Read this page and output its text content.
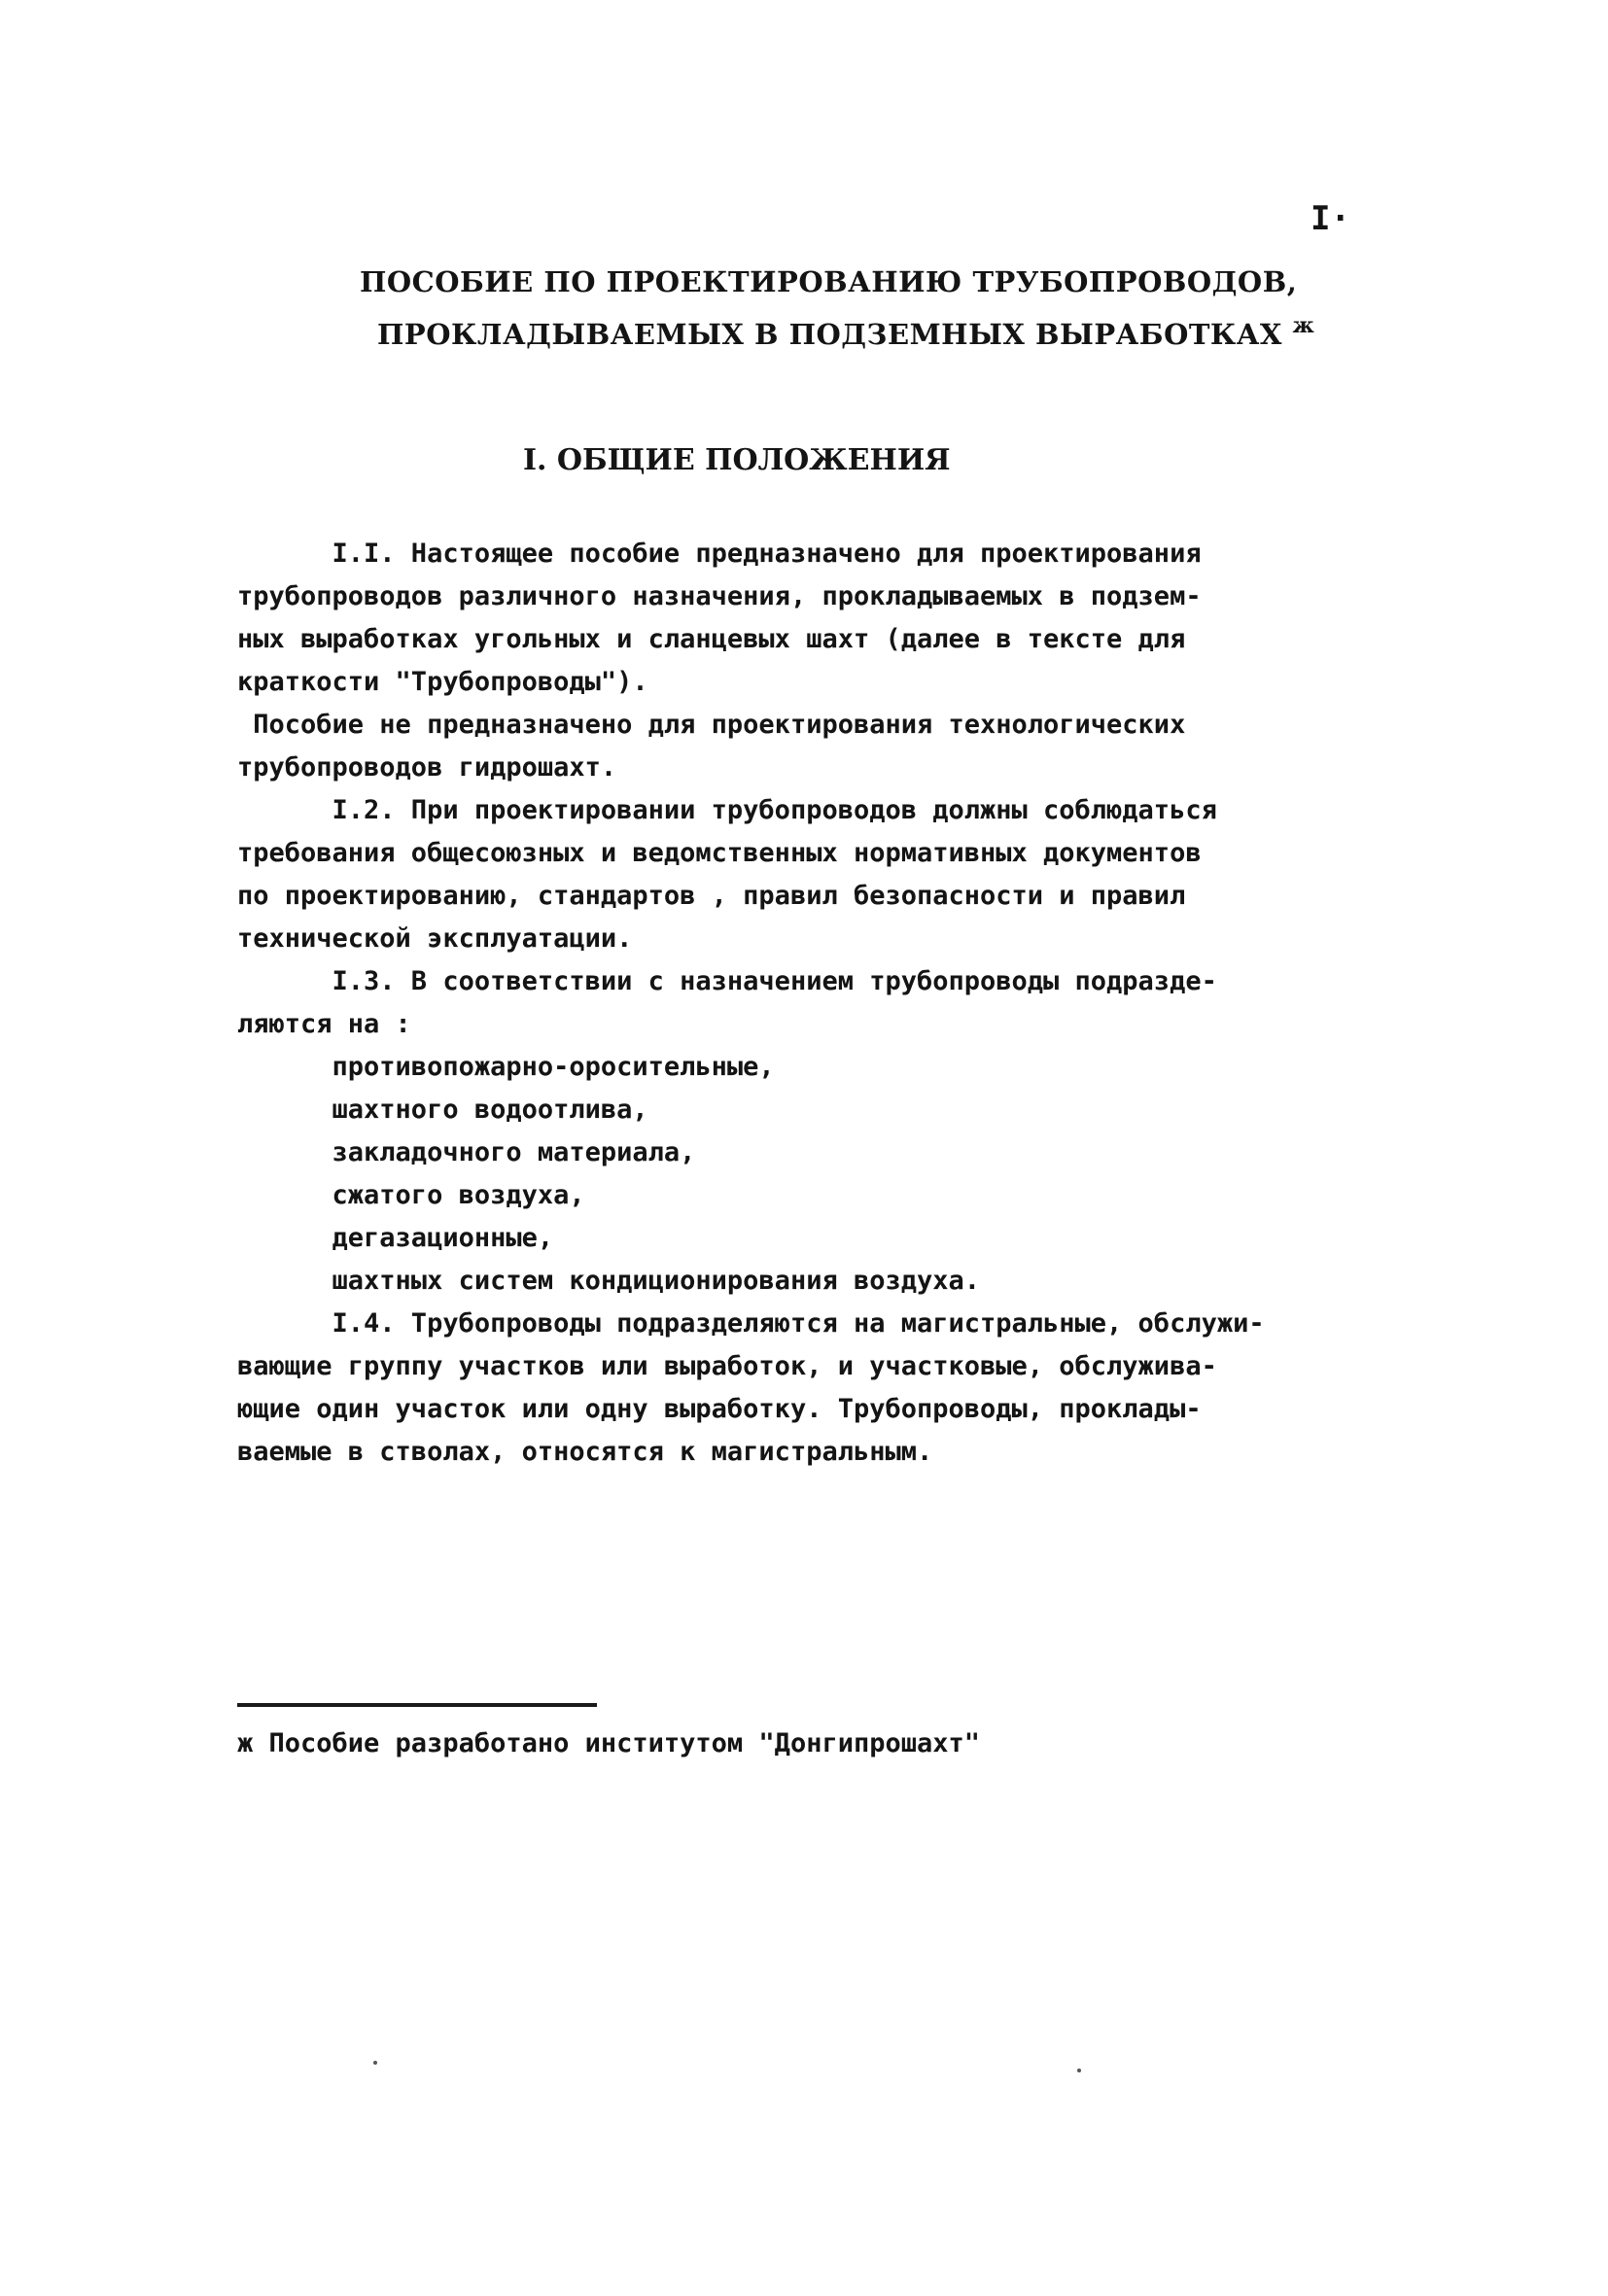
I·
ПОСОБИЕ ПО ПРОЕКТИРОВАНИЮ ТРУБОПРОВОДОВ,
ПРОКЛАДЫВАЕМЫХ В ПОДЗЕМНЫХ ВЫРАБОТКАХ $^ж$
I. ОБЩИЕ ПОЛОЖЕНИЯ
I.I. Настоящее пособие предназначено для проектирования
трубопроводов различного назначения, прокладываемых в подзем-
ных выработках угольных и сланцевых шахт (далее в тексте для
краткости "Трубопроводы").
Пособие не предназначено для проектирования технологических
трубопроводов гидрошахт.
I.2. При проектировании трубопроводов должны соблюдаться
требования общесоюзных и ведомственных нормативных документов
по проектированию, стандартов , правил безопасности и правил
технической эксплуатации.
I.3. В соответствии с назначением трубопроводы подразде-
ляются на :
противопожарно-оросительные,
шахтного водоотлива,
закладочного материала,
сжатого воздуха,
дегазационные,
шахтных систем кондиционирования воздуха.
I.4. Трубопроводы подразделяются на магистральные, обслужи-
вающие группу участков или выработок, и участковые, обслужива-
ющие один участок или одну выработку. Трубопроводы, проклады-
ваемые в стволах, относятся к магистральным.
ж Пособие разработано институтом "Донгипрошахт"
